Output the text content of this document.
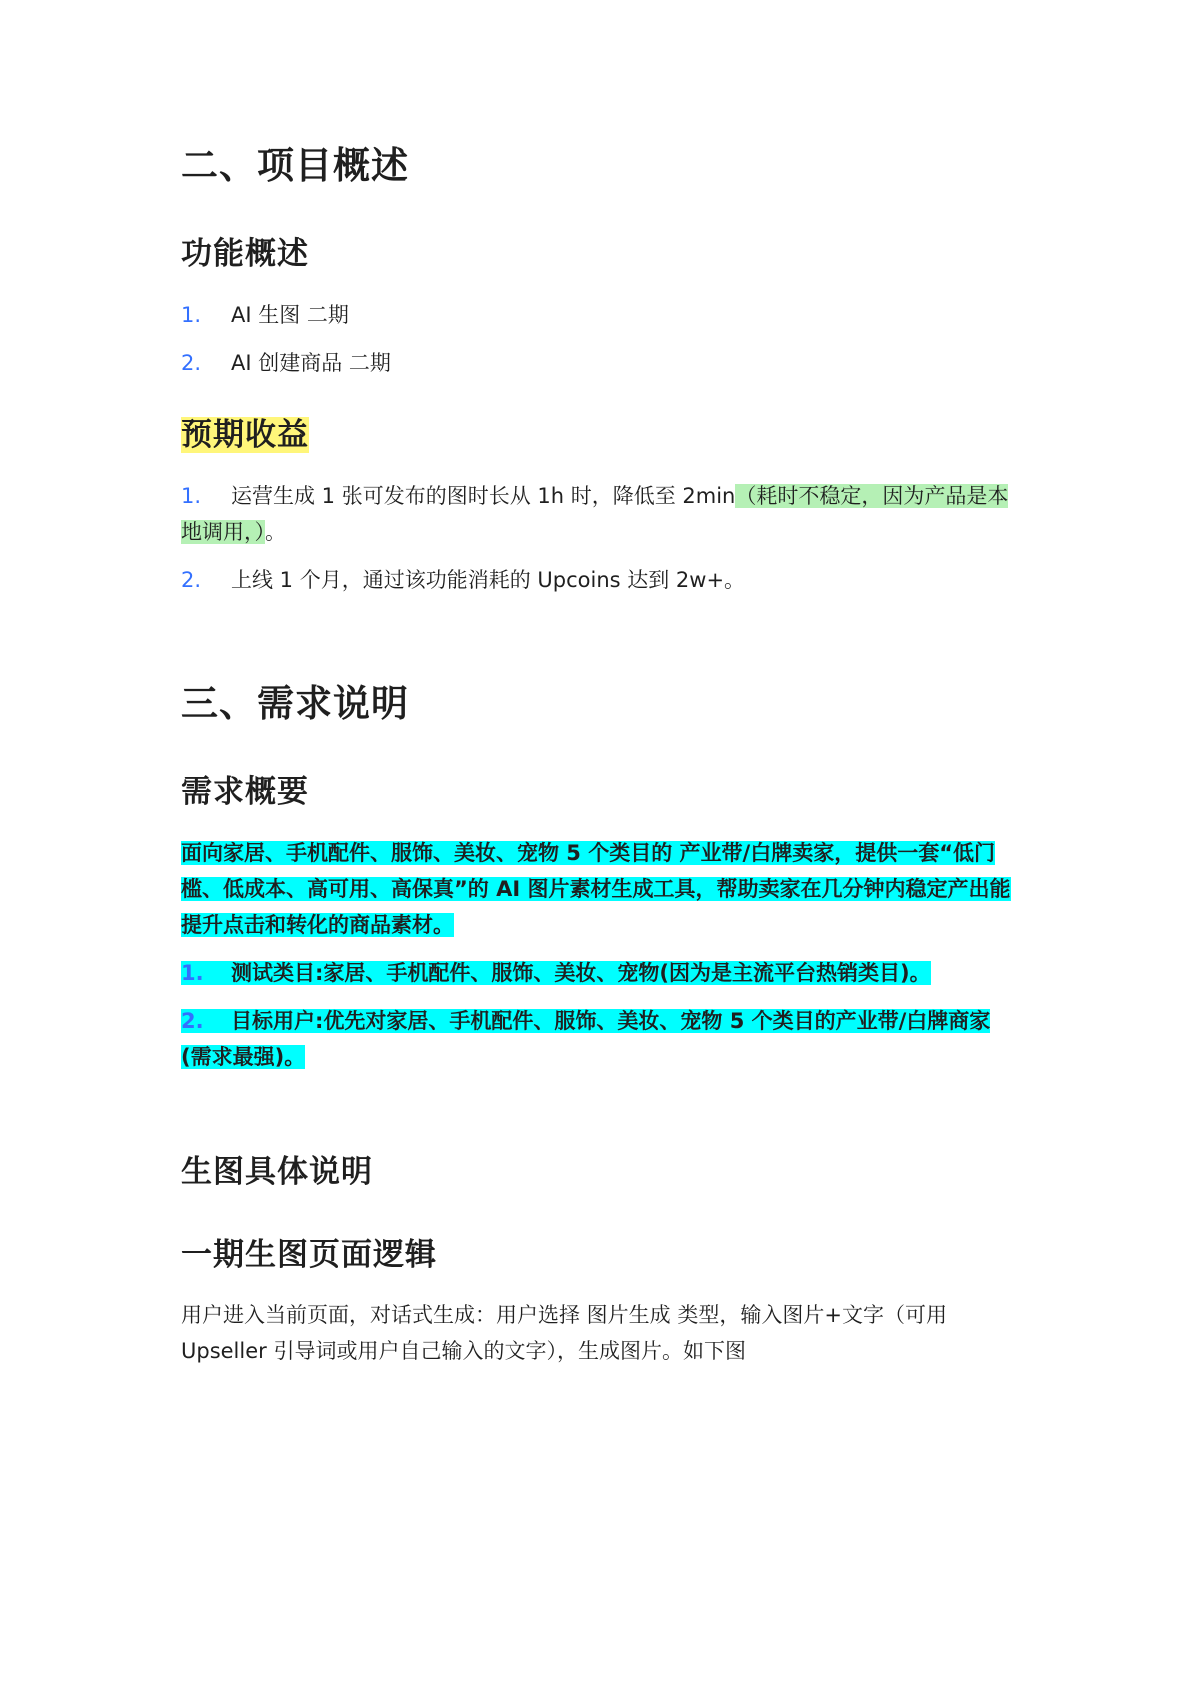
二、项目概述
功能概述
1. AI 生图 二期
2. AI 创建商品 二期
预期收益
1. 运营生成 1 张可发布的图时长从 1h 时，降低至 2min（耗时不稳定，因为产品是本地调用，）。
2. 上线 1 个月，通过该功能消耗的 Upcoins 达到 2w+。
三、需求说明
需求概要
面向家居、手机配件、服饰、美妆、宠物 5 个类目的 产业带/白牌卖家，提供一套“低门槛、低成本、高可用、高保真”的 AI 图片素材生成工具，帮助卖家在几分钟内稳定产出能提升点击和转化的商品素材。
1. 测试类目:家居、手机配件、服饰、美妆、宠物(因为是主流平台热销类目)。
2. 目标用户:优先对家居、手机配件、服饰、美妆、宠物 5 个类目的产业带/白牌商家(需求最强)。
生图具体说明
一期生图页面逻辑
用户进入当前页面，对话式生成：用户选择 图片生成 类型，输入图片+文字（可用 Upseller 引导词或用户自己输入的文字），生成图片。如下图
